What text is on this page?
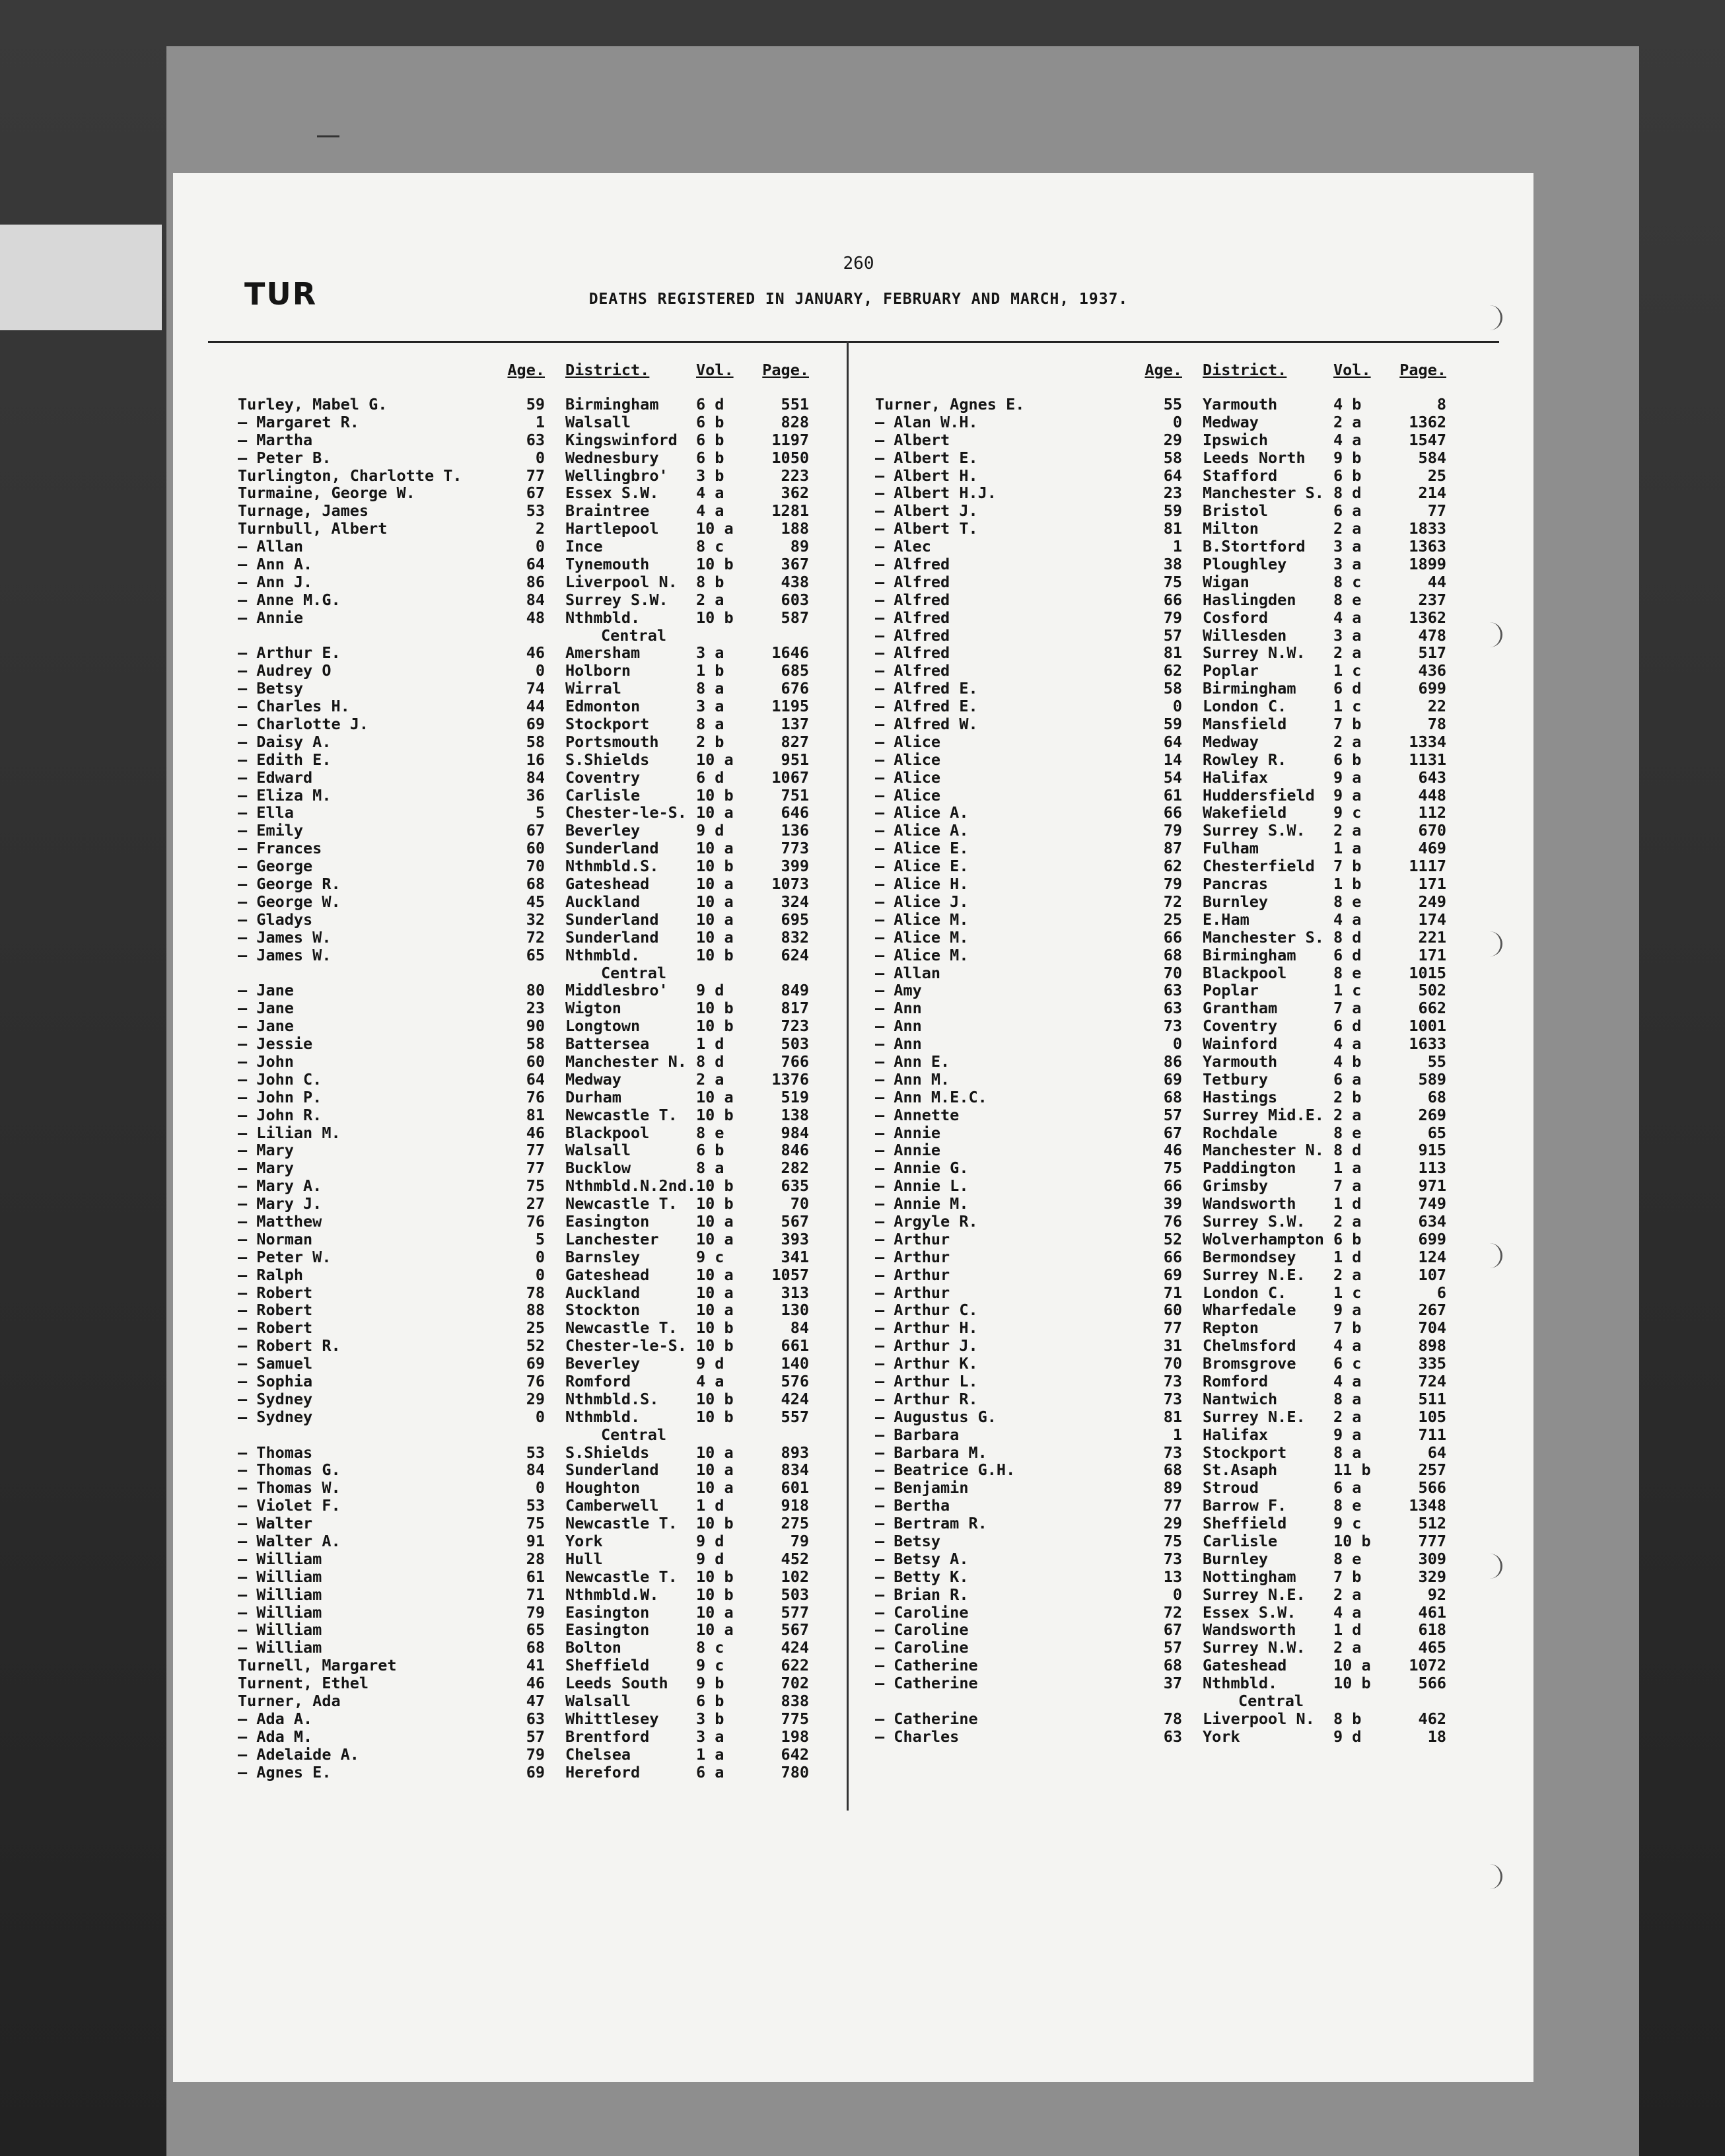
TUR
260
DEATHS REGISTERED IN JANUARY, FEBRUARY AND MARCH, 1937.
Age.	District.	Vol.	Page.
Turley, Mabel G.	59	Birmingham	6 d	551
— Margaret R.	1	Walsall	6 b	828
— Martha	63	Kingswinford	6 b	1197
— Peter B.	0	Wednesbury	6 b	1050
Turlington, Charlotte T.	77	Wellingbro'	3 b	223
Turmaine, George W.	67	Essex S.W.	4 a	362
Turnage, James	53	Braintree	4 a	1281
Turnbull, Albert	2	Hartlepool	10 a	188
— Allan	0	Ince	8 c	89
— Ann A.	64	Tynemouth	10 b	367
— Ann J.	86	Liverpool N.	8 b	438
— Anne M.G.	84	Surrey S.W.	2 a	603
— Annie	48	Nthmbld.	10 b	587
Central
— Arthur E.	46	Amersham	3 a	1646
— Audrey O	0	Holborn	1 b	685
— Betsy	74	Wirral	8 a	676
— Charles H.	44	Edmonton	3 a	1195
— Charlotte J.	69	Stockport	8 a	137
— Daisy A.	58	Portsmouth	2 b	827
— Edith E.	16	S.Shields	10 a	951
— Edward	84	Coventry	6 d	1067
— Eliza M.	36	Carlisle	10 b	751
— Ella	5	Chester-le-S. 10 a	646
— Emily	67	Beverley	9 d	136
— Frances	60	Sunderland	10 a	773
— George	70	Nthmbld.S.	10 b	399
— George R.	68	Gateshead	10 a	1073
— George W.	45	Auckland	10 a	324
— Gladys	32	Sunderland	10 a	695
— James W.	72	Sunderland	10 a	832
— James W.	65	Nthmbld.	10 b	624
Central
— Jane	80	Middlesbro'	9 d	849
— Jane	23	Wigton	10 b	817
— Jane	90	Longtown	10 b	723
— Jessie	58	Battersea	1 d	503
— John	60	Manchester N. 8 d	766
— John C.	64	Medway	2 a	1376
— John P.	76	Durham	10 a	519
— John R.	81	Newcastle T.	10 b	138
— Lilian M.	46	Blackpool	8 e	984
— Mary	77	Walsall	6 b	846
— Mary	77	Bucklow	8 a	282
— Mary A.	75	Nthmbld.N.2nd. 10 b	635
— Mary J.	27	Newcastle T.	10 b	70
— Matthew	76	Easington	10 a	567
— Norman	5	Lanchester	10 a	393
— Peter W.	0	Barnsley	9 c	341
— Ralph	0	Gateshead	10 a	1057
— Robert	78	Auckland	10 a	313
— Robert	88	Stockton	10 a	130
— Robert	25	Newcastle T.	10 b	84
— Robert R.	52	Chester-le-S. 10 b	661
— Samuel	69	Beverley	9 d	140
— Sophia	76	Romford	4 a	576
— Sydney	29	Nthmbld.S.	10 b	424
— Sydney	0	Nthmbld.	10 b	557
Central
— Thomas	53	S.Shields	10 a	893
— Thomas G.	84	Sunderland	10 a	834
— Thomas W.	0	Houghton	10 a	601
— Violet F.	53	Camberwell	1 d	918
— Walter	75	Newcastle T.	10 b	275
— Walter A.	91	York	9 d	79
— William	28	Hull	9 d	452
— William	61	Newcastle T.	10 b	102
— William	71	Nthmbld.W.	10 b	503
— William	79	Easington	10 a	577
— William	65	Easington	10 a	567
— William	68	Bolton	8 c	424
Turnell, Margaret	41	Sheffield	9 c	622
Turnent, Ethel	46	Leeds South	9 b	702
Turner, Ada	47	Walsall	6 b	838
— Ada A.	63	Whittlesey	3 b	775
— Ada M.	57	Brentford	3 a	198
— Adelaide A.	79	Chelsea	1 a	642
— Agnes E.	69	Hereford	6 a	780
Age.	District.	Vol.	Page.
Turner, Agnes E.	55	Yarmouth	4 b	8
— Alan W.H.	0	Medway	2 a	1362
— Albert	29	Ipswich	4 a	1547
— Albert E.	58	Leeds North	9 b	584
— Albert H.	64	Stafford	6 b	25
— Albert H.J.	23	Manchester S. 8 d	214
— Albert J.	59	Bristol	6 a	77
— Albert T.	81	Milton	2 a	1833
— Alec	1	B.Stortford	3 a	1363
— Alfred	38	Ploughley	3 a	1899
— Alfred	75	Wigan	8 c	44
— Alfred	66	Haslingden	8 e	237
— Alfred	79	Cosford	4 a	1362
— Alfred	57	Willesden	3 a	478
— Alfred	81	Surrey N.W.	2 a	517
— Alfred	62	Poplar	1 c	436
— Alfred E.	58	Birmingham	6 d	699
— Alfred E.	0	London C.	1 c	22
— Alfred W.	59	Mansfield	7 b	78
— Alice	64	Medway	2 a	1334
— Alice	14	Rowley R.	6 b	1131
— Alice	54	Halifax	9 a	643
— Alice	61	Huddersfield	9 a	448
— Alice A.	66	Wakefield	9 c	112
— Alice A.	79	Surrey S.W.	2 a	670
— Alice E.	87	Fulham	1 a	469
— Alice E.	62	Chesterfield	7 b	1117
— Alice H.	79	Pancras	1 b	171
— Alice J.	72	Burnley	8 e	249
— Alice M.	25	E.Ham	4 a	174
— Alice M.	66	Manchester S. 8 d	221
— Alice M.	68	Birmingham	6 d	171
— Allan	70	Blackpool	8 e	1015
— Amy	63	Poplar	1 c	502
— Ann	63	Grantham	7 a	662
— Ann	73	Coventry	6 d	1001
— Ann	0	Wainford	4 a	1633
— Ann E.	86	Yarmouth	4 b	55
— Ann M.	69	Tetbury	6 a	589
— Ann M.E.C.	68	Hastings	2 b	68
— Annette	57	Surrey Mid.E. 2 a	269
— Annie	67	Rochdale	8 e	65
— Annie	46	Manchester N. 8 d	915
— Annie G.	75	Paddington	1 a	113
— Annie L.	66	Grimsby	7 a	971
— Annie M.	39	Wandsworth	1 d	749
— Argyle R.	76	Surrey S.W.	2 a	634
— Arthur	52	Wolverhampton 6 b	699
— Arthur	66	Bermondsey	1 d	124
— Arthur	69	Surrey N.E.	2 a	107
— Arthur	71	London C.	1 c	6
— Arthur C.	60	Wharfedale	9 a	267
— Arthur H.	77	Repton	7 b	704
— Arthur J.	31	Chelmsford	4 a	898
— Arthur K.	70	Bromsgrove	6 c	335
— Arthur L.	73	Romford	4 a	724
— Arthur R.	73	Nantwich	8 a	511
— Augustus G.	81	Surrey N.E.	2 a	105
— Barbara	1	Halifax	9 a	711
— Barbara M.	73	Stockport	8 a	64
— Beatrice G.H.	68	St.Asaph	11 b	257
— Benjamin	89	Stroud	6 a	566
— Bertha	77	Barrow F.	8 e	1348
— Bertram R.	29	Sheffield	9 c	512
— Betsy	75	Carlisle	10 b	777
— Betsy A.	73	Burnley	8 e	309
— Betty K.	13	Nottingham	7 b	329
— Brian R.	0	Surrey N.E.	2 a	92
— Caroline	72	Essex S.W.	4 a	461
— Caroline	67	Wandsworth	1 d	618
— Caroline	57	Surrey N.W.	2 a	465
— Catherine	68	Gateshead	10 a	1072
— Catherine	37	Nthmbld.	10 b	566
Central
— Catherine	78	Liverpool N.	8 b	462
— Charles	63	York	9 d	18
